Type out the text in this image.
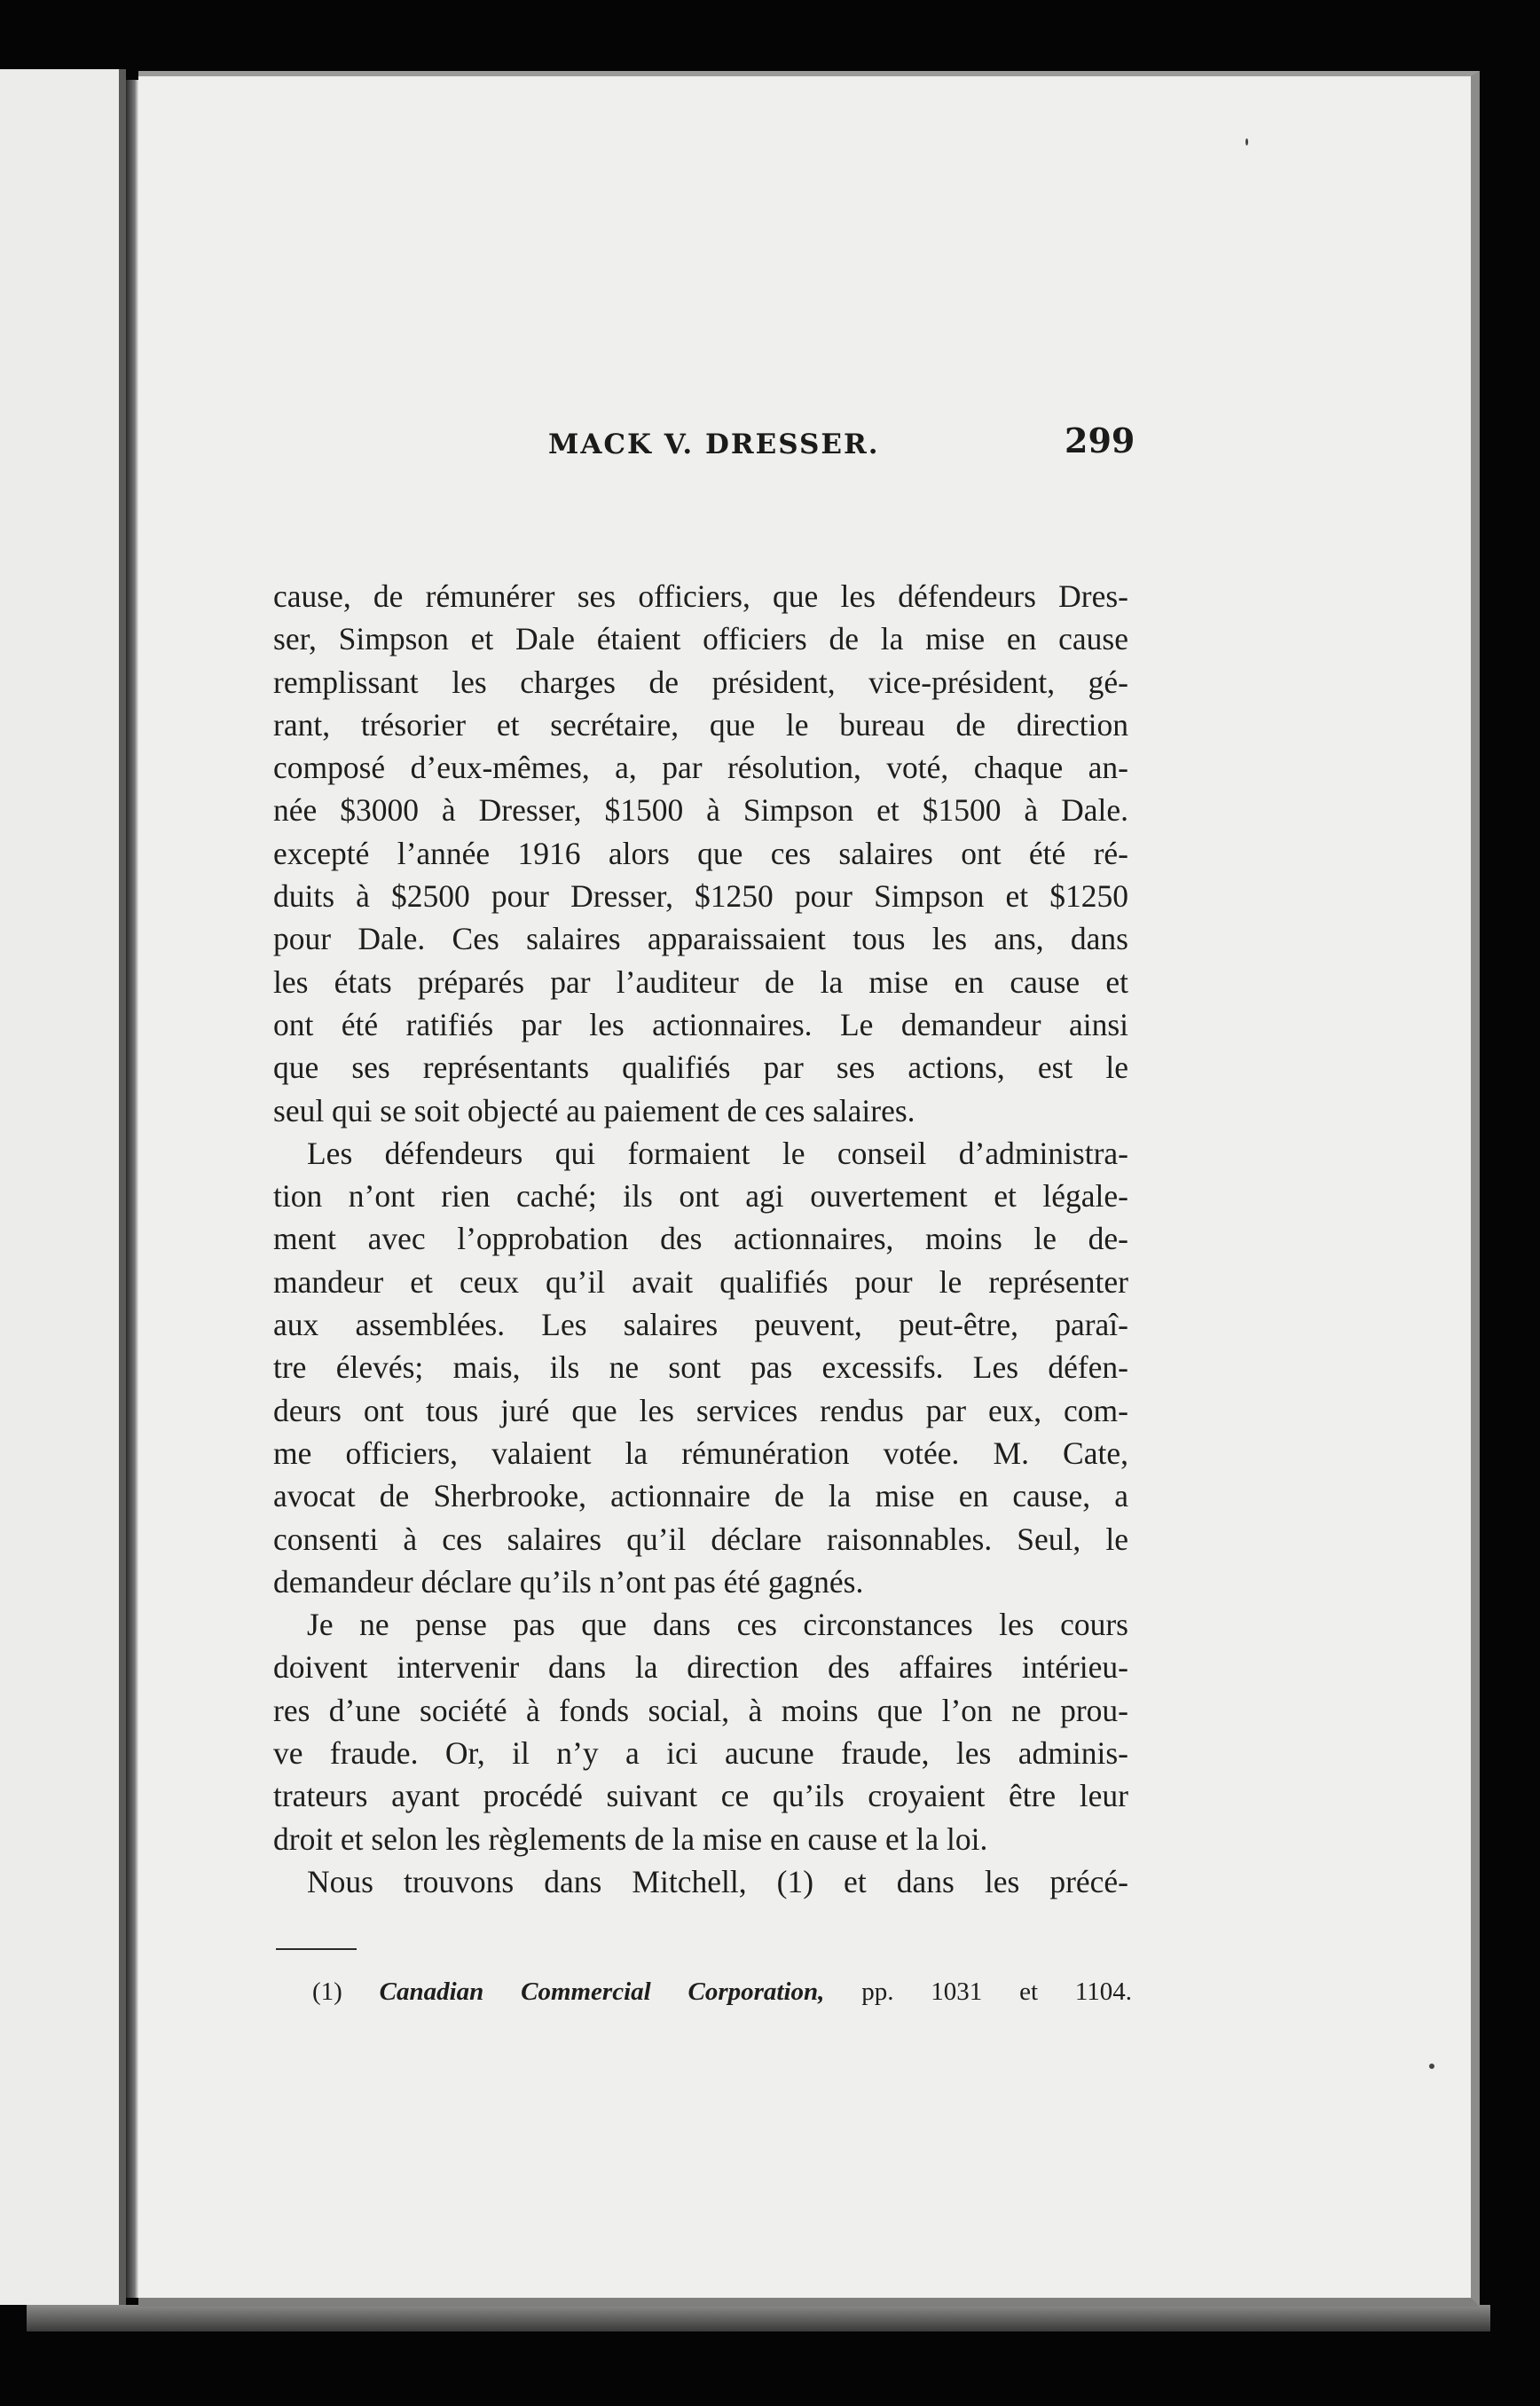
MACK V. DRESSER.	299
cause, de rémunérer ses officiers, que les défendeurs Dres-
ser, Simpson et Dale étaient officiers de la mise en cause
remplissant les charges de président, vice-président, gé-
rant, trésorier et secrétaire, que le bureau de direction
composé d’eux-mêmes, a, par résolution, voté, chaque an-
née $3000 à Dresser, $1500 à Simpson et $1500 à Dale.
excepté l’année 1916 alors que ces salaires ont été ré-
duits à $2500 pour Dresser, $1250 pour Simpson et $1250
pour Dale. Ces salaires apparaissaient tous les ans, dans
les états préparés par l’auditeur de la mise en cause et
ont été ratifiés par les actionnaires. Le demandeur ainsi
que ses représentants qualifiés par ses actions, est le
seul qui se soit objecté au paiement de ces salaires.
Les défendeurs qui formaient le conseil d’administra-
tion n’ont rien caché; ils ont agi ouvertement et légale-
ment avec l’opprobation des actionnaires, moins le de-
mandeur et ceux qu’il avait qualifiés pour le représenter
aux assemblées. Les salaires peuvent, peut-être, paraî-
tre élevés; mais, ils ne sont pas excessifs. Les défen-
deurs ont tous juré que les services rendus par eux, com-
me officiers, valaient la rémunération votée. M. Cate,
avocat de Sherbrooke, actionnaire de la mise en cause, a
consenti à ces salaires qu’il déclare raisonnables. Seul, le
demandeur déclare qu’ils n’ont pas été gagnés.
Je ne pense pas que dans ces circonstances les cours
doivent intervenir dans la direction des affaires intérieu-
res d’une société à fonds social, à moins que l’on ne prou-
ve fraude. Or, il n’y a ici aucune fraude, les adminis-
trateurs ayant procédé suivant ce qu’ils croyaient être leur
droit et selon les règlements de la mise en cause et la loi.
Nous trouvons dans Mitchell, (1) et dans les précé-
(1) Canadian Commercial Corporation, pp. 1031 et 1104.
